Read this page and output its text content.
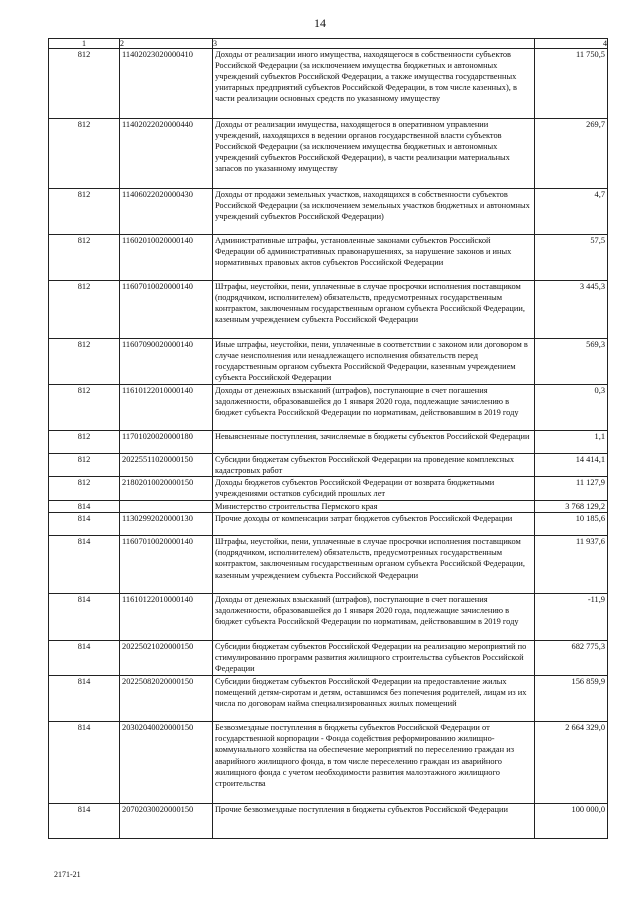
14
1	2	3	4
812	11402023020000410	Доходы от реализации иного имущества, находящегося в собственности субъектов Российской Федерации (за исключением имущества бюджетных и автономных учреждений субъектов Российской Федерации, а также имущества государственных унитарных предприятий субъектов Российской Федерации, в том числе казенных), в части реализации основных средств по указанному имуществу	11 750,5
812	11402022020000440	Доходы от реализации имущества, находящегося в оперативном управлении учреждений, находящихся в ведении органов государственной власти субъектов Российской Федерации (за исключением имущества бюджетных и автономных учреждений субъектов Российской Федерации), в части реализации материальных запасов по указанному имуществу	269,7
812	11406022020000430	Доходы от продажи земельных участков, находящихся в собственности субъектов Российской Федерации (за исключением земельных участков бюджетных и автономных учреждений субъектов Российской Федерации)	4,7
812	11602010020000140	Административные штрафы, установленные законами субъектов Российской Федерации об административных правонарушениях, за нарушение законов и иных нормативных правовых актов субъектов Российской Федерации	57,5
812	11607010020000140	Штрафы, неустойки, пени, уплаченные в случае просрочки исполнения поставщиком (подрядчиком, исполнителем) обязательств, предусмотренных государственным контрактом, заключенным государственным органом субъекта Российской Федерации, казенным учреждением субъекта Российской Федерации	3 445,3
812	11607090020000140	Иные штрафы, неустойки, пени, уплаченные в соответствии с законом или договором в случае неисполнения или ненадлежащего исполнения обязательств перед государственным органом субъекта Российской Федерации, казенным учреждением субъекта Российской Федерации	569,3
812	11610122010000140	Доходы от денежных взысканий (штрафов), поступающие в счет погашения задолженности, образовавшейся до 1 января 2020 года, подлежащие зачислению в бюджет субъекта Российской Федерации по нормативам, действовавшим в 2019 году	0,3
812	11701020020000180	Невыясненные поступления, зачисляемые в бюджеты субъектов Российской Федерации	1,1
812	20225511020000150	Субсидии бюджетам субъектов Российской Федерации на проведение комплексных кадастровых работ	14 414,1
812	21802010020000150	Доходы бюджетов субъектов Российской Федерации от возврата бюджетными учреждениями остатков субсидий прошлых лет	11 127,9
814		Министерство строительства Пермского края	3 768 129,2
814	11302992020000130	Прочие доходы от компенсации затрат бюджетов субъектов Российской Федерации	10 185,6
814	11607010020000140	Штрафы, неустойки, пени, уплаченные в случае просрочки исполнения поставщиком (подрядчиком, исполнителем) обязательств, предусмотренных государственным контрактом, заключенным государственным органом субъекта Российской Федерации, казенным учреждением субъекта Российской Федерации	11 937,6
814	11610122010000140	Доходы от денежных взысканий (штрафов), поступающие в счет погашения задолженности, образовавшейся до 1 января 2020 года, подлежащие зачислению в бюджет субъекта Российской Федерации по нормативам, действовавшим в 2019 году	-11,9
814	20225021020000150	Субсидии бюджетам субъектов Российской Федерации на реализацию мероприятий по стимулированию программ развития жилищного строительства субъектов Российской Федерации	682 775,3
814	20225082020000150	Субсидии бюджетам субъектов Российской Федерации на предоставление жилых помещений детям-сиротам и детям, оставшимся без попечения родителей, лицам из их числа по договорам найма специализированных жилых помещений	156 859,9
814	20302040020000150	Безвозмездные поступления в бюджеты субъектов Российской Федерации от государственной корпорации - Фонда содействия реформированию жилищно-коммунального хозяйства на обеспечение мероприятий по переселению граждан из аварийного жилищного фонда, в том числе переселению граждан из аварийного жилищного фонда с учетом необходимости развития малоэтажного жилищного строительства	2 664 329,0
814	20702030020000150	Прочие безвозмездные поступления в бюджеты субъектов Российской Федерации	100 000,0
2171-21
